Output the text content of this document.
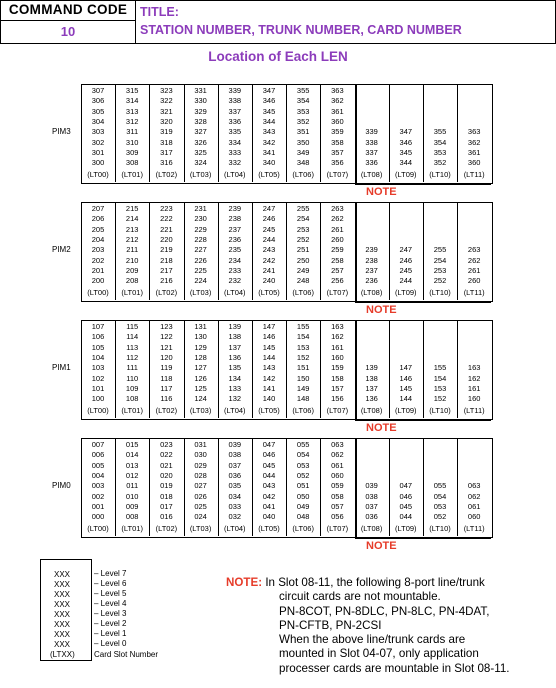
COMMAND CODE
10
TITLE:
STATION NUMBER, TRUNK NUMBER, CARD NUMBER
Location of Each LEN
PIM3
307
306
305
304
303
302
301
300
(LT00)
315
314
313
312
311
310
309
308
(LT01)
323
322
321
320
319
318
317
316
(LT02)
331
330
329
328
327
326
325
324
(LT03)
339
338
337
336
335
334
333
332
(LT04)
347
346
345
344
343
342
341
340
(LT05)
355
354
353
352
351
350
349
348
(LT06)
363
362
361
360
359
358
357
356
(LT07)
339
338
337
336
(LT08)
347
346
345
344
(LT09)
355
354
353
352
(LT10)
363
362
361
360
(LT11)
NOTE
PIM2
207
206
205
204
203
202
201
200
(LT00)
215
214
213
212
211
210
209
208
(LT01)
223
222
221
220
219
218
217
216
(LT02)
231
230
229
228
227
226
225
224
(LT03)
239
238
237
236
235
234
233
232
(LT04)
247
246
245
244
243
242
241
240
(LT05)
255
254
253
252
251
250
249
248
(LT06)
263
262
261
260
259
258
257
256
(LT07)
239
238
237
236
(LT08)
247
246
245
244
(LT09)
255
254
253
252
(LT10)
263
262
261
260
(LT11)
NOTE
PIM1
107
106
105
104
103
102
101
100
(LT00)
115
114
113
112
111
110
109
108
(LT01)
123
122
121
120
119
118
117
116
(LT02)
131
130
129
128
127
126
125
124
(LT03)
139
138
137
136
135
134
133
132
(LT04)
147
146
145
144
143
142
141
140
(LT05)
155
154
153
152
151
150
149
148
(LT06)
163
162
161
160
159
158
157
156
(LT07)
139
138
137
136
(LT08)
147
146
145
144
(LT09)
155
154
153
152
(LT10)
163
162
161
160
(LT11)
NOTE
PIM0
007
006
005
004
003
002
001
000
(LT00)
015
014
013
012
011
010
009
008
(LT01)
023
022
021
020
019
018
017
016
(LT02)
031
030
029
028
027
026
025
024
(LT03)
039
038
037
036
035
034
033
032
(LT04)
047
046
045
044
043
042
041
040
(LT05)
055
054
053
052
051
050
049
048
(LT06)
063
062
061
060
059
058
057
056
(LT07)
039
038
037
036
(LT08)
047
046
045
044
(LT09)
055
054
053
052
(LT10)
063
062
061
060
(LT11)
NOTE
XXX
XXX
XXX
XXX
XXX
XXX
XXX
XXX
(LTXX)
– Level 7
– Level 6
– Level 5
– Level 4
– Level 3
– Level 2
– Level 1
– Level 0
Card Slot Number
NOTE: In Slot 08-11, the following 8-port line/trunk
circuit cards are not mountable.
PN-8COT, PN-8DLC, PN-8LC, PN-4DAT,
PN-CFTB, PN-2CSI
When the above line/trunk cards are
mounted in Slot 04-07, only application
processer cards are mountable in Slot 08-11.
